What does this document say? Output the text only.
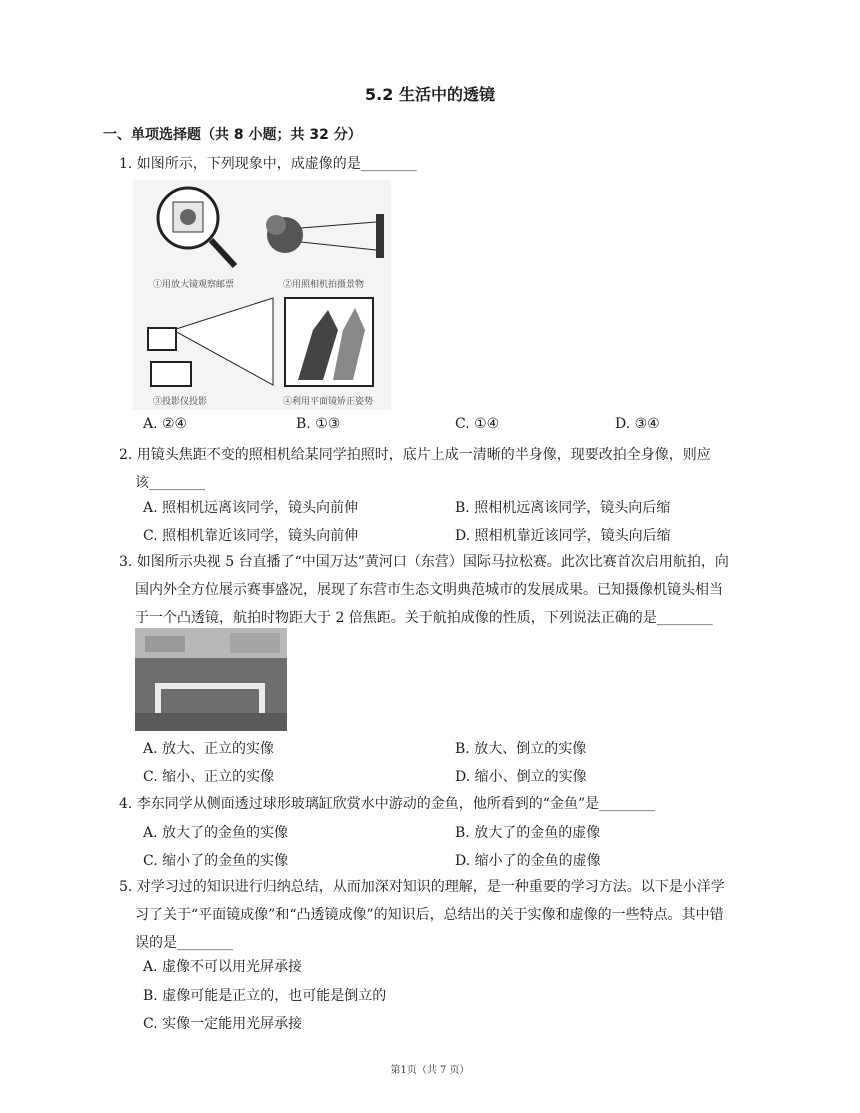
5.2 生活中的透镜
一、单项选择题（共 8 小题；共 32 分）
1. 如图所示，下列现象中，成虚像的是________
①用放大镜观察邮票	②用照相机拍摄景物
③投影仪投影	④利用平面镜矫正姿势
A. ②④	B. ①③	C. ①④	D. ③④
2. 用镜头焦距不变的照相机给某同学拍照时，底片上成一清晰的半身像，现要改拍全身像，则应
该________
A. 照相机远离该同学，镜头向前伸	B. 照相机远离该同学，镜头向后缩
C. 照相机靠近该同学，镜头向前伸	D. 照相机靠近该同学，镜头向后缩
3. 如图所示央视 5 台直播了“中国万达”黄河口（东营）国际马拉松赛。此次比赛首次启用航拍，向
国内外全方位展示赛事盛况，展现了东营市生态文明典范城市的发展成果。已知摄像机镜头相当
于一个凸透镜，航拍时物距大于 2 倍焦距。关于航拍成像的性质，下列说法正确的是________
A. 放大、正立的实像	B. 放大、倒立的实像
C. 缩小、正立的实像	D. 缩小、倒立的实像
4. 李东同学从侧面透过球形玻璃缸欣赏水中游动的金鱼，他所看到的“金鱼”是________
A. 放大了的金鱼的实像	B. 放大了的金鱼的虚像
C. 缩小了的金鱼的实像	D. 缩小了的金鱼的虚像
5. 对学习过的知识进行归纳总结，从而加深对知识的理解，是一种重要的学习方法。以下是小洋学
习了关于“平面镜成像”和“凸透镜成像”的知识后，总结出的关于实像和虚像的一些特点。其中错
误的是________
A. 虚像不可以用光屏承接
B. 虚像可能是正立的，也可能是倒立的
C. 实像一定能用光屏承接
第1页（共 7 页）
